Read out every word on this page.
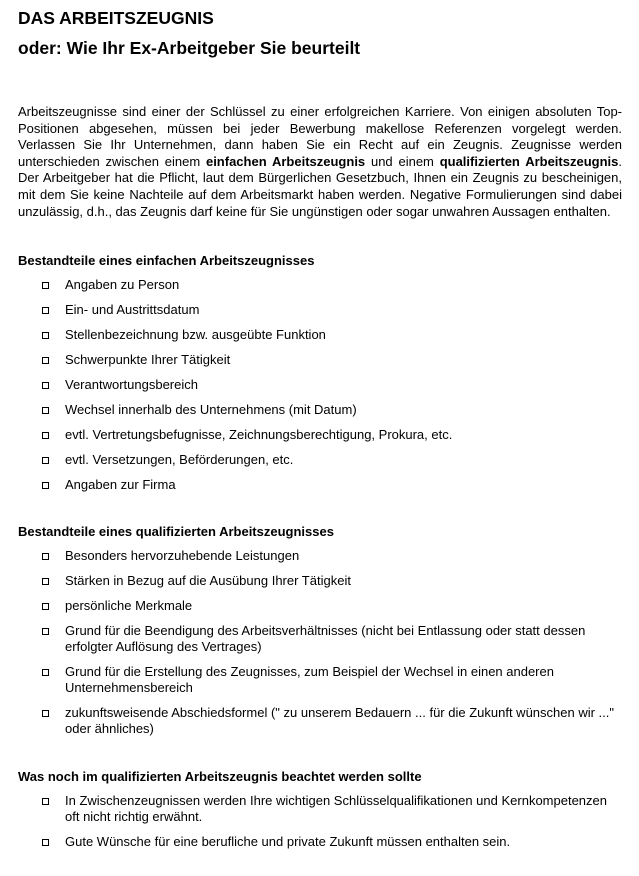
DAS ARBEITSZEUGNIS
oder: Wie Ihr Ex-Arbeitgeber Sie beurteilt

Arbeitszeugnisse sind einer der Schlüssel zu einer erfolgreichen Karriere. Von einigen absoluten Top-Positionen abgesehen, müssen bei jeder Bewerbung makellose Referenzen vorgelegt werden. Verlassen Sie Ihr Unternehmen, dann haben Sie ein Recht auf ein Zeugnis. Zeugnisse werden unterschieden zwischen einem einfachen Arbeitszeugnis und einem qualifizierten Arbeitszeugnis. Der Arbeitgeber hat die Pflicht, laut dem Bürgerlichen Gesetzbuch, Ihnen ein Zeugnis zu bescheinigen, mit dem Sie keine Nachteile auf dem Arbeitsmarkt haben werden. Negative Formulierungen sind dabei unzulässig, d.h., das Zeugnis darf keine für Sie ungünstigen oder sogar unwahren Aussagen enthalten.

Bestandteile eines einfachen Arbeitszeugnisses
Angaben zu Person
Ein- und Austrittsdatum
Stellenbezeichnung bzw. ausgeübte Funktion
Schwerpunkte Ihrer Tätigkeit
Verantwortungsbereich
Wechsel innerhalb des Unternehmens (mit Datum)
evtl. Vertretungsbefugnisse, Zeichnungsberechtigung, Prokura, etc.
evtl. Versetzungen, Beförderungen, etc.
Angaben zur Firma
Bestandteile eines qualifizierten Arbeitszeugnisses
Besonders hervorzuhebende Leistungen
Stärken in Bezug auf die Ausübung Ihrer Tätigkeit
persönliche Merkmale
Grund für die Beendigung des Arbeitsverhältnisses (nicht bei Entlassung oder statt dessen erfolgter Auflösung des Vertrages)
Grund für die Erstellung des Zeugnisses, zum Beispiel der Wechsel in einen anderen Unternehmensbereich
zukunftsweisende Abschiedsformel (" zu unserem Bedauern ... für die Zukunft wünschen wir ..." oder ähnliches)
Was noch im qualifizierten Arbeitszeugnis beachtet werden sollte
In Zwischenzeugnissen werden Ihre wichtigen Schlüsselqualifikationen und Kernkompetenzen oft nicht richtig erwähnt.
Gute Wünsche für eine berufliche und private Zukunft müssen enthalten sein.
